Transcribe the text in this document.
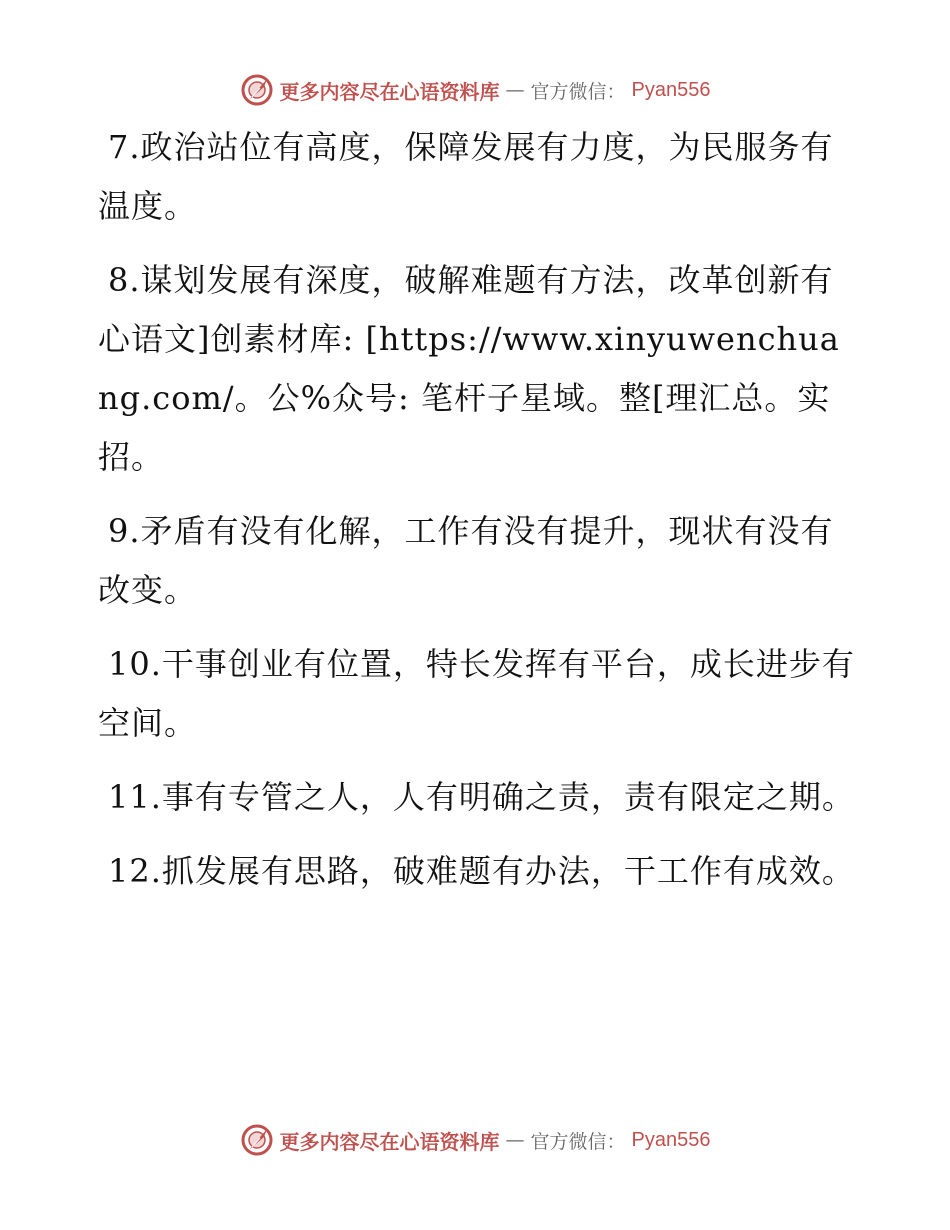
更多内容尽在心语资料库 — 官方微信： Pyan556

7.政治站位有高度，保障发展有力度，为民服务有温度。

8.谋划发展有深度，破解难题有方法，改革创新有心语文]创素材库: [https://www.xinyuwenchuang.com/。公%众号: 笔杆子星域。整[理汇总。实招。

9.矛盾有没有化解，工作有没有提升，现状有没有改变。

10.干事创业有位置，特长发挥有平台，成长进步有空间。

11.事有专管之人，人有明确之责，责有限定之期。

12.抓发展有思路，破难题有办法，干工作有成效。

更多内容尽在心语资料库 — 官方微信： Pyan556
